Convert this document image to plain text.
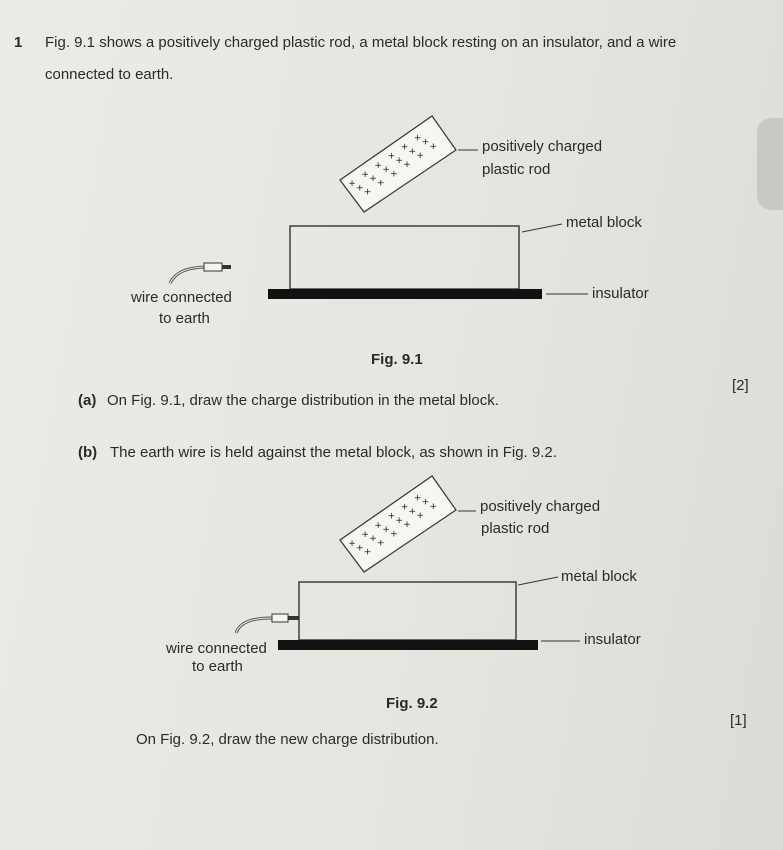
1 Fig. 9.1 shows a positively charged plastic rod, a metal block resting on an insulator, and a wire
connected to earth.
+
+
+
+
+
+
+
+
+
+
+
+
+
+
+
+
+
+
+
+
+
+
+
+
+
+
+
+
+
+
+
+
+
+
+
+
positively charged
plastic rod
metal block
insulator
wire connected
to earth
Fig. 9.1
(a) On Fig. 9.1, draw the charge distribution in the metal block.
[2]
(b) The earth wire is held against the metal block, as shown in Fig. 9.2.
positively charged
plastic rod
metal block
insulator
wire connected
to earth
Fig. 9.2
On Fig. 9.2, draw the new charge distribution.
[1]
